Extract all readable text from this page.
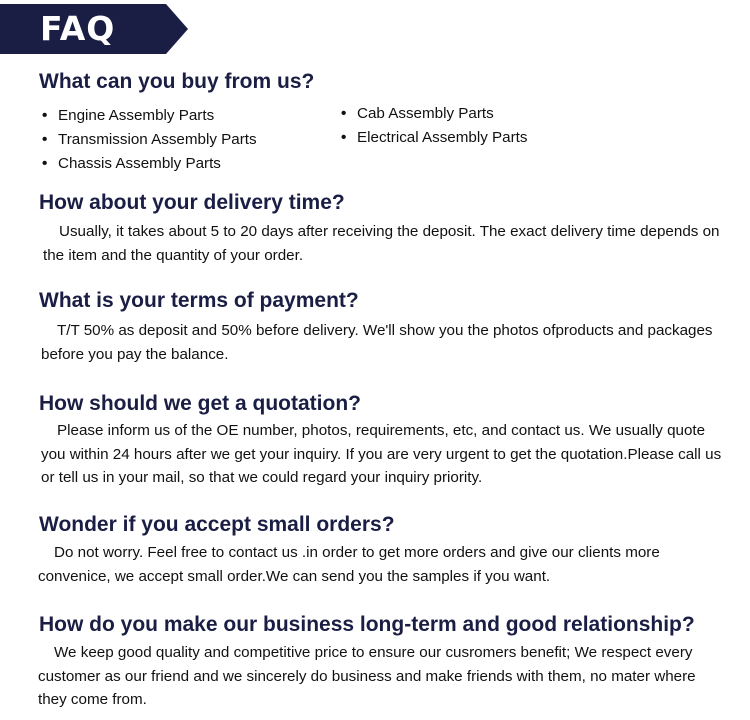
FAQ
What can you buy from us?
• Engine Assembly Parts
• Transmission Assembly Parts
• Chassis Assembly Parts
• Cab Assembly Parts
• Electrical Assembly Parts
How about your delivery time?
Usually, it takes about 5 to 20 days after receiving the deposit. The exact delivery time depends on the item and the quantity of your order.
What is your terms of payment?
T/T 50% as deposit and 50% before delivery. We'll show you the photos ofproducts and packages before you pay the balance.
How should we get a quotation?
Please inform us of the OE number, photos, requirements, etc, and contact us. We usually quote you within 24 hours after we get your inquiry. If you are very urgent to get the quotation.Please call us or tell us in your mail, so that we could regard your inquiry priority.
Wonder if you accept small orders?
Do not worry. Feel free to contact us .in order to get more orders and give our clients more convenice, we accept small order.We can send you the samples if you want.
How do you make our business long-term and good relationship?
We keep good quality and competitive price to ensure our cusromers benefit; We respect every customer as our friend and we sincerely do business and make friends with them, no mater where they come from.
